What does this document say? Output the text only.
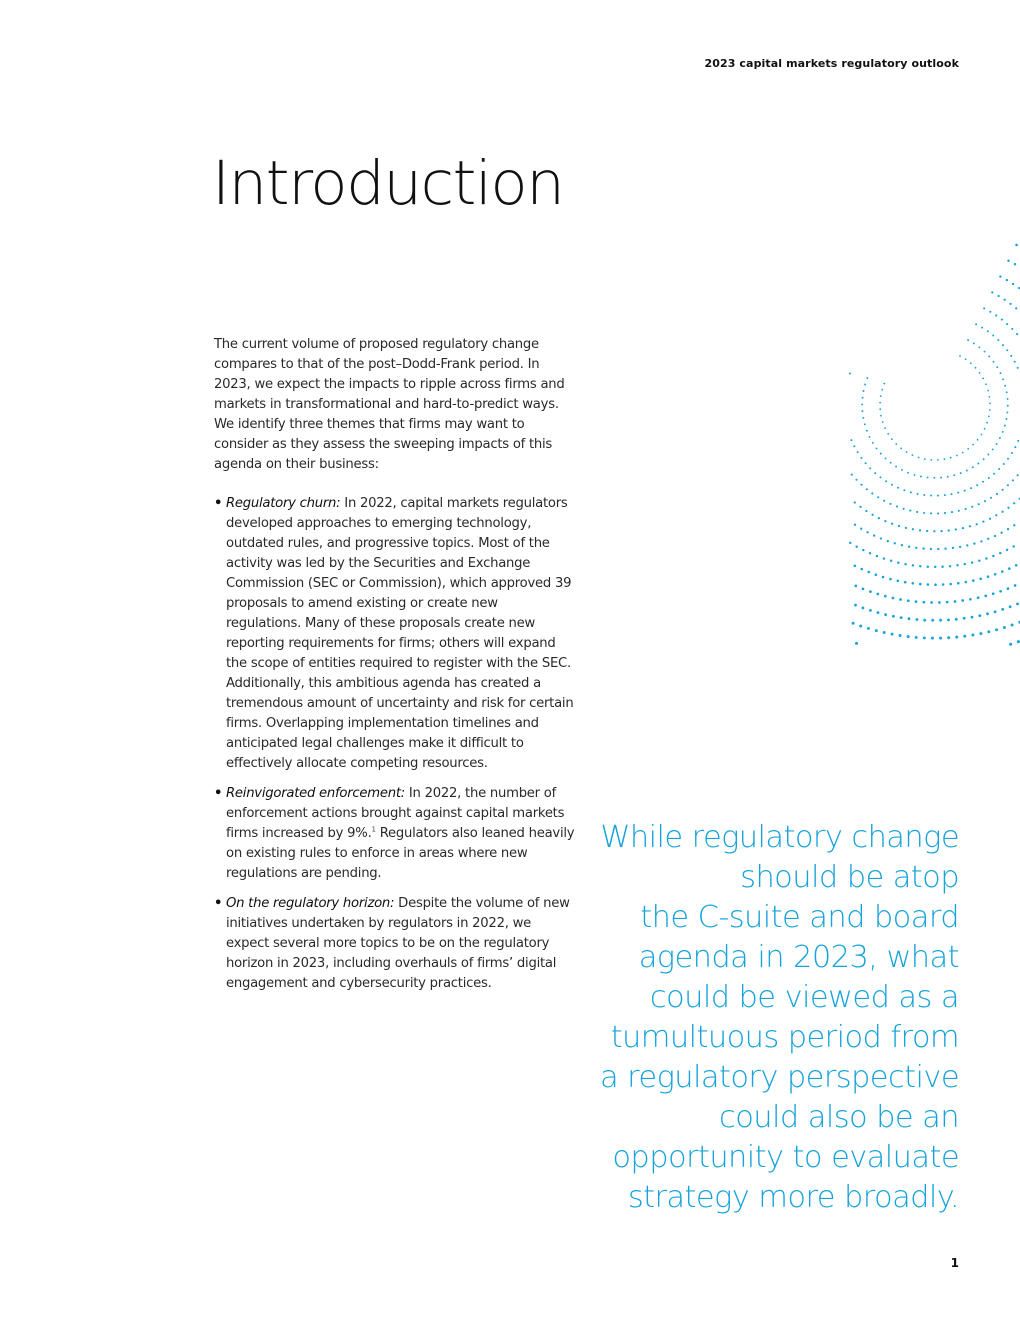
2023 capital markets regulatory outlook
Introduction

The current volume of proposed regulatory change compares to that of the post–Dodd-Frank period. In 2023, we expect the impacts to ripple across firms and markets in transformational and hard-to-predict ways. We identify three themes that firms may want to consider as they assess the sweeping impacts of this agenda on their business:

• Regulatory churn: In 2022, capital markets regulators developed approaches to emerging technology, outdated rules, and progressive topics. Most of the activity was led by the Securities and Exchange Commission (SEC or Commission), which approved 39 proposals to amend existing or create new regulations. Many of these proposals create new reporting requirements for firms; others will expand the scope of entities required to register with the SEC. Additionally, this ambitious agenda has created a tremendous amount of uncertainty and risk for certain firms. Overlapping implementation timelines and anticipated legal challenges make it difficult to effectively allocate competing resources.
• Reinvigorated enforcement: In 2022, the number of enforcement actions brought against capital markets firms increased by 9%.$^1$ Regulators also leaned heavily on existing rules to enforce in areas where new regulations are pending.
• On the regulatory horizon: Despite the volume of new initiatives undertaken by regulators in 2022, we expect several more topics to be on the regulatory horizon in 2023, including overhauls of firms’ digital engagement and cybersecurity practices.
While regulatory change
should be atop
the C-suite and board
agenda in 2023, what
could be viewed as a
tumultuous period from
a regulatory perspective
could also be an
opportunity to evaluate
strategy more broadly.
1
